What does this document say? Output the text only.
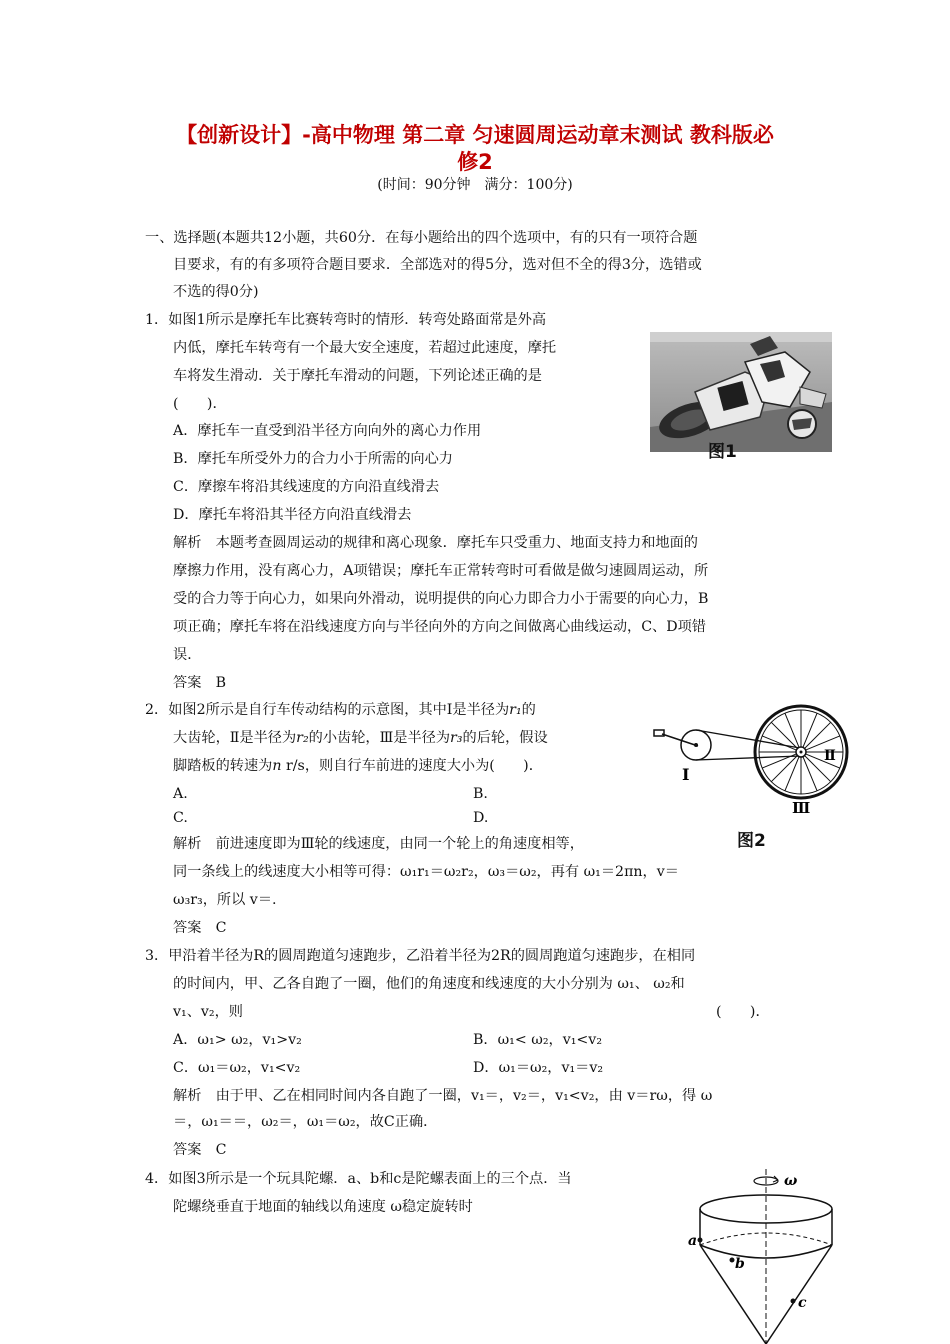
【创新设计】-高中物理 第二章 匀速圆周运动章末测试 教科版必
修2
(时间：90分钟　满分：100分)
一、选择题(本题共12小题，共60分．在每小题给出的四个选项中，有的只有一项符合题
目要求，有的有多项符合题目要求．全部选对的得5分，选对但不全的得3分，选错或
不选的得0分)
1．如图1所示是摩托车比赛转弯时的情形．转弯处路面常是外高
内低，摩托车转弯有一个最大安全速度，若超过此速度，摩托
车将发生滑动．关于摩托车滑动的问题，下列论述正确的是
(　　)．
A．摩托车一直受到沿半径方向向外的离心力作用
B．摩托车所受外力的合力小于所需的向心力
C．摩擦车将沿其线速度的方向沿直线滑去
D．摩托车将沿其半径方向沿直线滑去
解析　本题考查圆周运动的规律和离心现象．摩托车只受重力、地面支持力和地面的
摩擦力作用，没有离心力，A项错误；摩托车正常转弯时可看做是做匀速圆周运动，所
受的合力等于向心力，如果向外滑动，说明提供的向心力即合力小于需要的向心力，B
项正确；摩托车将在沿线速度方向与半径向外的方向之间做离心曲线运动，C、D项错
误．
答案　B
图1
2．如图2所示是自行车传动结构的示意图，其中Ⅰ是半径为r₁的
大齿轮，Ⅱ是半径为r₂的小齿轮，Ⅲ是半径为r₃的后轮，假设
脚踏板的转速为n r/s，则自行车前进的速度大小为(　　)．
A.	B.
C.	D.
解析　前进速度即为Ⅲ轮的线速度，由同一个轮上的角速度相等，
同一条线上的线速度大小相等可得：ω₁r₁＝ω₂r₂，ω₃＝ω₂，再有 ω₁＝2πn，v＝
ω₃r₃，所以 v＝.
答案　C
Ⅰ
Ⅱ
Ⅲ
图2
3．甲沿着半径为R的圆周跑道匀速跑步，乙沿着半径为2R的圆周跑道匀速跑步，在相同
的时间内，甲、乙各自跑了一圈，他们的角速度和线速度的大小分别为 ω₁、 ω₂和
v₁、v₂，则	(　　)．
A．ω₁> ω₂，v₁>v₂	B．ω₁< ω₂，v₁<v₂
C．ω₁＝ω₂，v₁<v₂	D．ω₁＝ω₂，v₁＝v₂
解析　由于甲、乙在相同时间内各自跑了一圈，v₁＝，v₂＝，v₁<v₂，由 v＝rω，得 ω
＝，ω₁＝＝，ω₂＝，ω₁＝ω₂，故C正确．
答案　C
4．如图3所示是一个玩具陀螺．a、b和c是陀螺表面上的三个点．当
陀螺绕垂直于地面的轴线以角速度 ω稳定旋转时
ω
a
b
c
